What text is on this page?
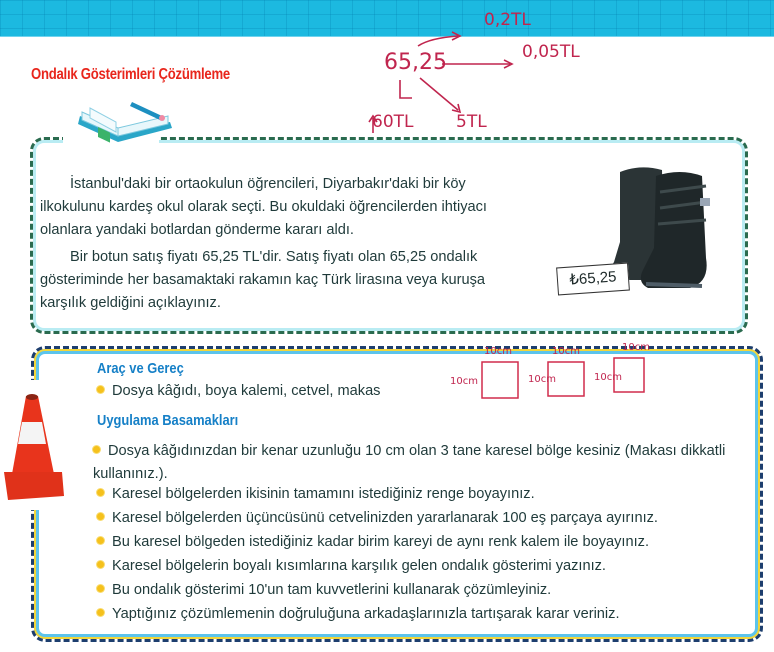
Ondalık Gösterimleri Çözümleme
0,2TL
65,25	0,05TL
60TL	5TL

İstanbul'daki bir ortaokulun öğrencileri, Diyarbakır'daki bir köy ilkokulunu kardeş okul olarak seçti. Bu okuldaki öğrencilerden ihtiyacı olanlara yandaki botlardan gönderme kararı aldı.

Bir botun satış fiyatı 65,25 TL'dir. Satış fiyatı olan 65,25 ondalık gösteriminde her basamaktaki rakamın kaç Türk lirasına veya kuruşa karşılık geldiğini açıklayınız.

₺65,25
Araç ve Gereç
Dosya kâğıdı, boya kalemi, cetvel, makas
10cm
10cm
10cm
10cm
10cm
10cm
Uygulama Basamakları
Dosya kâğıdınızdan bir kenar uzunluğu 10 cm olan 3 tane karesel bölge kesiniz (Makası dikkatli kullanınız.).
Karesel bölgelerden ikisinin tamamını istediğiniz renge boyayınız.
Karesel bölgelerden üçüncüsünü cetvelinizden yararlanarak 100 eş parçaya ayırınız.
Bu karesel bölgeden istediğiniz kadar birim kareyi de aynı renk kalem ile boyayınız.
Karesel bölgelerin boyalı kısımlarına karşılık gelen ondalık gösterimi yazınız.
Bu ondalık gösterimi 10'un tam kuvvetlerini kullanarak çözümleyiniz.
Yaptığınız çözümlemenin doğruluğuna arkadaşlarınızla tartışarak karar veriniz.
